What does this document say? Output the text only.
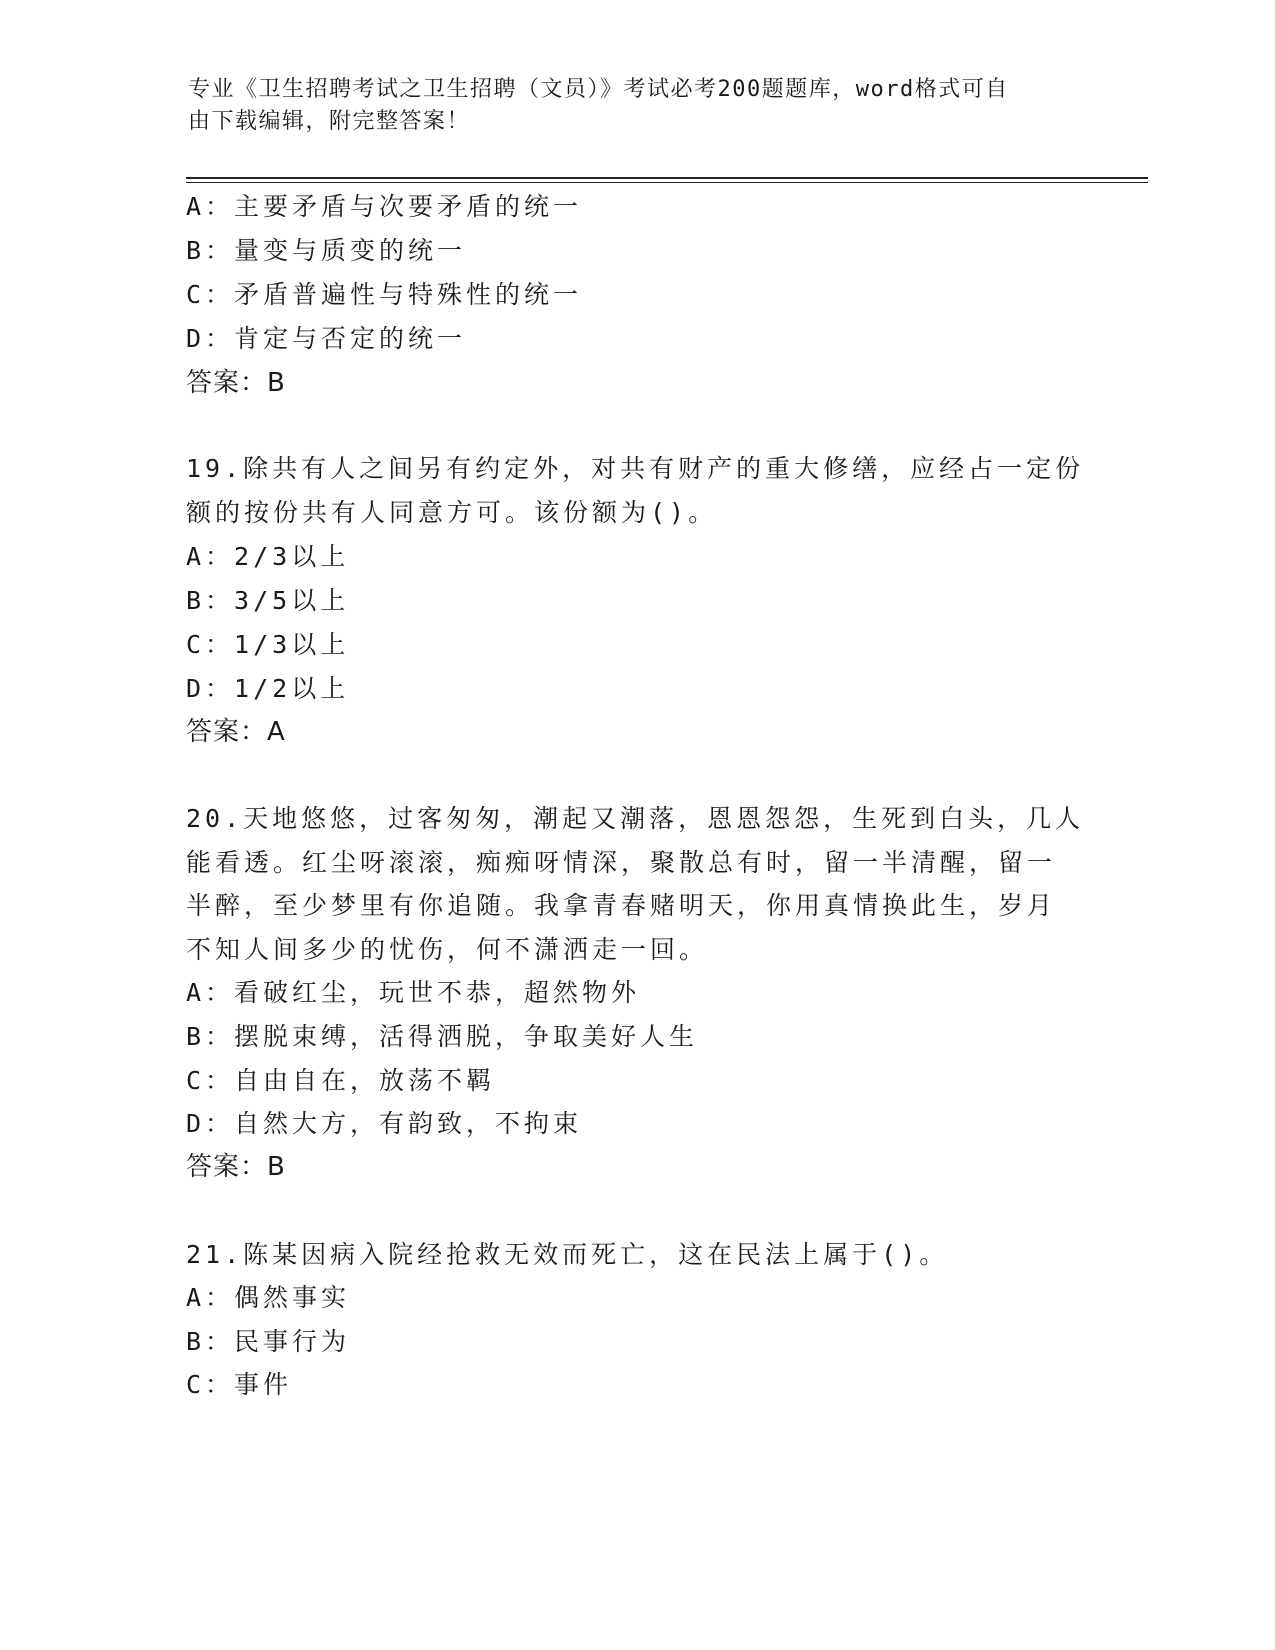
专业《卫生招聘考试之卫生招聘（文员）》考试必考200题题库，word格式可自
由下载编辑，附完整答案！
A：主要矛盾与次要矛盾的统一
B：量变与质变的统一
C：矛盾普遍性与特殊性的统一
D：肯定与否定的统一
答案：B
19.除共有人之间另有约定外，对共有财产的重大修缮，应经占一定份
额的按份共有人同意方可。该份额为()。
A：2/3以上
B：3/5以上
C：1/3以上
D：1/2以上
答案：A
20.天地悠悠，过客匆匆，潮起又潮落，恩恩怨怨，生死到白头，几人
能看透。红尘呀滚滚，痴痴呀情深，聚散总有时，留一半清醒，留一
半醉，至少梦里有你追随。我拿青春赌明天，你用真情换此生，岁月
不知人间多少的忧伤，何不潇洒走一回。
A：看破红尘，玩世不恭，超然物外
B：摆脱束缚，活得洒脱，争取美好人生
C：自由自在，放荡不羁
D：自然大方，有韵致，不拘束
答案：B
21.陈某因病入院经抢救无效而死亡，这在民法上属于()。
A：偶然事实
B：民事行为
C：事件
